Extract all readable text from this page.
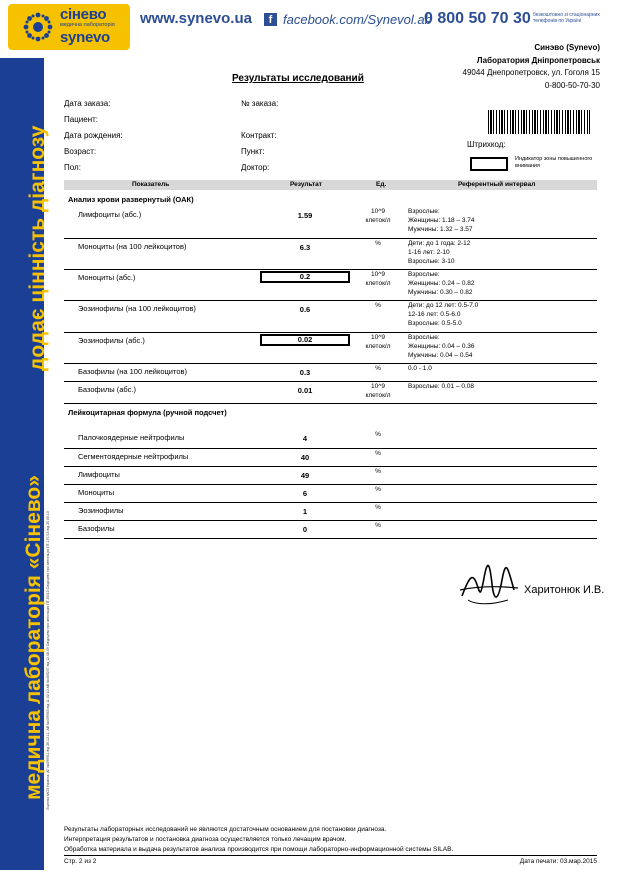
сінево
медична лабораторія
synevo
www.synevo.ua	f facebook.com/Synevol.ab
0 800 50 70 30 безкоштовно зі стаціонарних телефонів по Україні
медична лабораторія «Сінево»
додає цінність діагнозу
Ліцензія МОЗ України: АГ №599911 від 26.12.11, АВ №499945 від 11.02.10 АВ №469247 від 12.08.09 Свідоцтво про атестацію ПТ-50/10 Свідоцтво про атестацію ПТ-197/13 від 20.05.13
Синэво (Synevo)
Лаборатория Днiпропетровськ
49044 Днепропетровск, ул. Гоголя 15
0-800-50-70-30
Результаты исследований
Дата заказа:	№ заказа:
Пациент:
Дата рождения:	Контракт:
Возраст:	Пункт:
Пол:	Доктор:
Штрихкод:
Индикатор зоны повышенного внимания
Показатель	Результат	Ед.	Референтный интервал
Анализ крови развернутый (ОАК)
Лимфоциты (абс.)	1.59	10^9
клеток/л
Взрослые:
Женщины: 1.18 – 3.74
Мужчины: 1.32 – 3.57
Моноциты (на 100 лейкоцитов)	6.3	%	Дети: до 1 года: 2-12
1-16 лет: 2-10
Взрослые: 3-10
Моноциты (абс.)	0.2	10^9
клеток/л
Взрослые:
Женщины: 0.24 – 0.82
Мужчины: 0.30 – 0.82
Эозинофилы (на 100 лейкоцитов)	0.6	%	Дети: до 12 лет: 0.5-7.0
12-16 лет: 0.5-6.0
Взрослые: 0.5-5.0
Эозинофилы (абс.)	0.02	10^9
клеток/л
Взрослые:
Женщины: 0.04 – 0.36
Мужчины: 0.04 – 0.54
Базофилы (на 100 лейкоцитов)	0.3	%	0.0 - 1.0
Базофилы (абс.)	0.01	10^9
клеток/л
Взрослые: 0.01 – 0.08
Лейкоцитарная формула (ручной подсчет)
Палочкоядерные нейтрофилы	4	%
Сегментоядерные нейтрофилы	40	%
Лимфоциты	49	%
Моноциты	6	%
Эозинофилы	1	%
Базофилы	0	%
Харитонюк И.В.
Результаты лабораторных исследований не являются достаточным основанием для постановки диагноза.
Интерпретация результатов и постановка диагноза осуществляется только лечащим врачом.
Обработка материала и выдача результатов анализа производится при помощи лабораторно-информационной системы SILAB.
Стр. 2 из 2	Дата печати: 03.мар.2015
